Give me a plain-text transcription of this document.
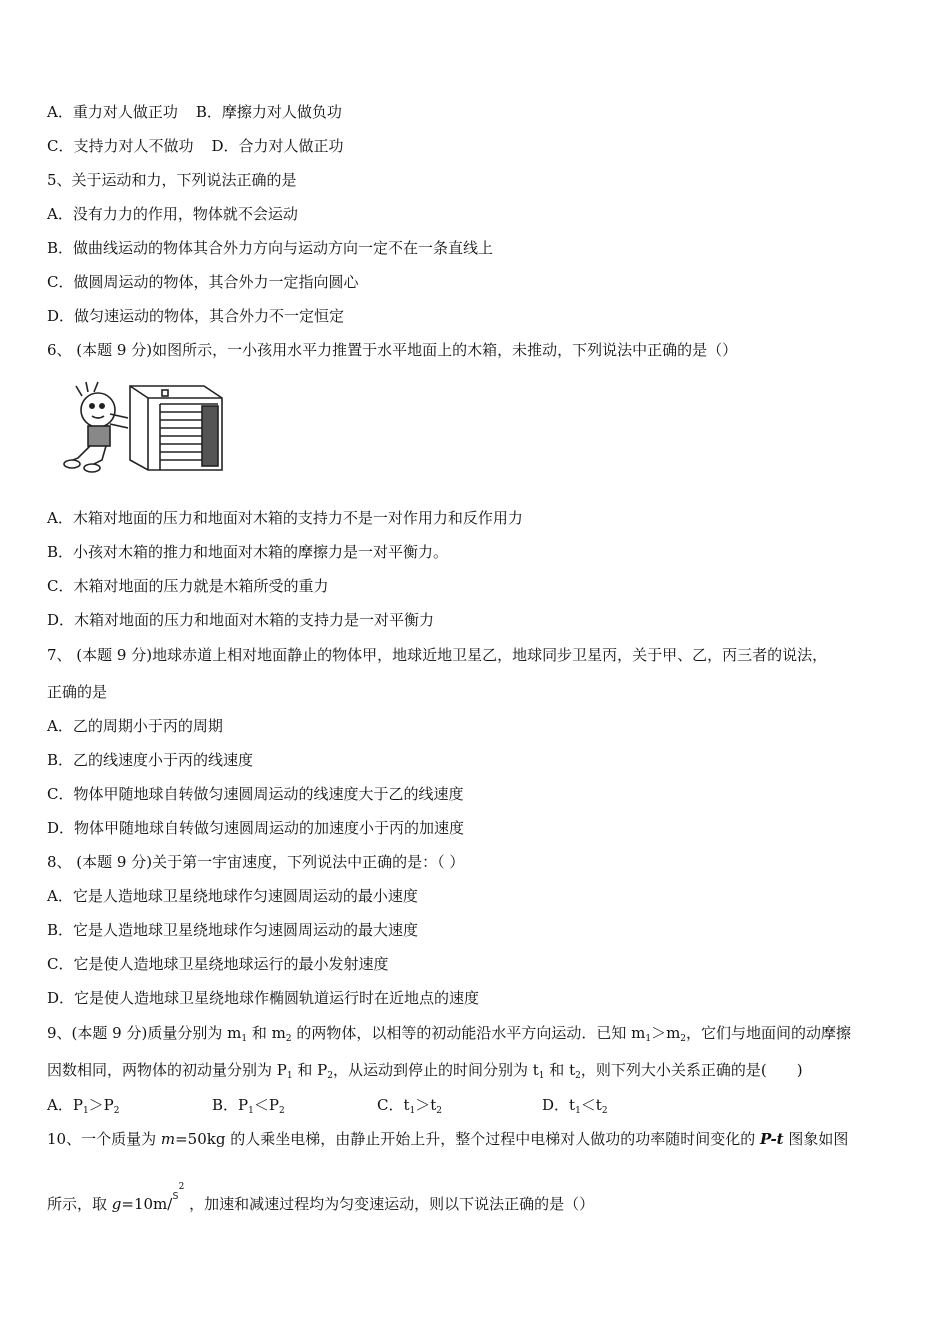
A．重力对人做正功 B．摩擦力对人做负功
C．支持力对人不做功 D．合力对人做正功
5、关于运动和力，下列说法正确的是
A．没有力力的作用，物体就不会运动
B．做曲线运动的物体其合外力方向与运动方向一定不在一条直线上
C．做圆周运动的物体，其合外力一定指向圆心
D．做匀速运动的物体，其合外力不一定恒定
6、 (本题 9 分)如图所示，一小孩用水平力推置于水平地面上的木箱，未推动，下列说法中正确的是（）
A．木箱对地面的压力和地面对木箱的支持力不是一对作用力和反作用力
B．小孩对木箱的推力和地面对木箱的摩擦力是一对平衡力。
C．木箱对地面的压力就是木箱所受的重力
D．木箱对地面的压力和地面对木箱的支持力是一对平衡力
7、 (本题 9 分)地球赤道上相对地面静止的物体甲，地球近地卫星乙，地球同步卫星丙，关于甲、乙，丙三者的说法，
正确的是
A．乙的周期小于丙的周期
B．乙的线速度小于丙的线速度
C．物体甲随地球自转做匀速圆周运动的线速度大于乙的线速度
D．物体甲随地球自转做匀速圆周运动的加速度小于丙的加速度
8、 (本题 9 分)关于第一宇宙速度，下列说法中正确的是：（ ）
A．它是人造地球卫星绕地球作匀速圆周运动的最小速度
B．它是人造地球卫星绕地球作匀速圆周运动的最大速度
C．它是使人造地球卫星绕地球运行的最小发射速度
D．它是使人造地球卫星绕地球作椭圆轨道运行时在近地点的速度
9、(本题 9 分)质量分别为 $m_1$ 和 $m_2$ 的两物体，以相等的初动能沿水平方向运动．已知 $m_1>m_2$，它们与地面间的动摩擦
因数相同，两物体的初动量分别为 $P_1$ 和 $P_2$，从运动到停止的时间分别为 $t_1$ 和 $t_2$，则下列大小关系正确的是(　　)
A．$P_1>P_2$	B．$P_1<P_2$	C．$t_1>t_2$	D．$t_1<t_2$
10、一个质量为 m=50kg 的人乘坐电梯，由静止开始上升，整个过程中电梯对人做功的功率随时间变化的 P-t 图象如图
所示，取 g=10m/$^{s2}$ ，加速和减速过程均为匀变速运动，则以下说法正确的是（）
